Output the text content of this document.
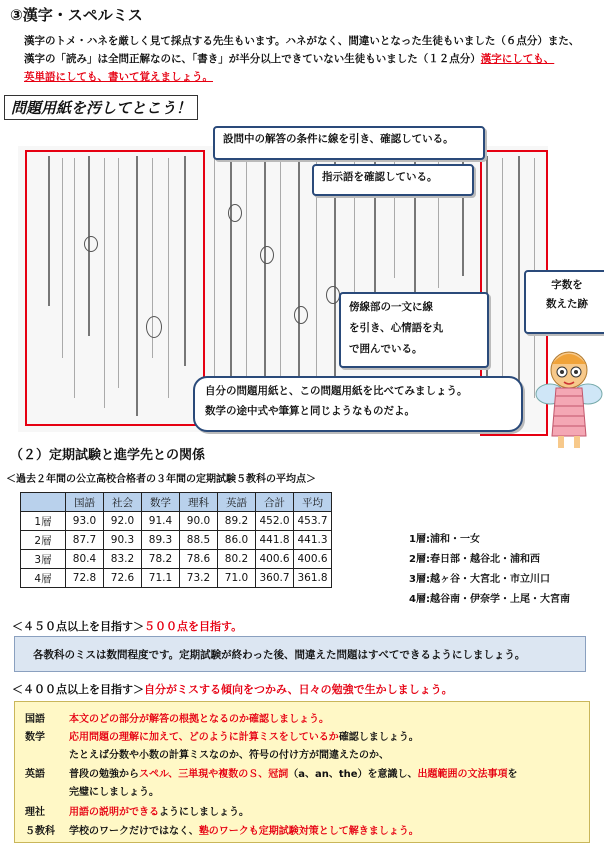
③漢字・スペルミス
漢字のトメ・ハネを厳しく見て採点する先生もいます。ハネがなく、間違いとなった生徒もいました（６点分）また、
漢字の「読み」は全問正解なのに、「書き」が半分以上できていない生徒もいました（１２点分）漢字にしても、
英単語にしても、書いて覚えましょう。
問題用紙を汚してとこう！
設問中の解答の条件に線を引き、確認している。
指示語を確認している。
傍線部の一文に線
を引き、心情語を丸
で囲んでいる。
字数を
数えた跡
自分の問題用紙と、この問題用紙を比べてみましょう。
数学の途中式や筆算と同じようなものだよ。
（２）定期試験と進学先との関係
＜過去２年間の公立高校合格者の３年間の定期試験５教科の平均点＞
	国語	社会	数学	理科	英語	合計	平均
1層	93.0	92.0	91.4	90.0	89.2	452.0	453.7
2層	87.7	90.3	89.3	88.5	86.0	441.8	441.3
3層	80.4	83.2	78.2	78.6	80.2	400.6	400.6
4層	72.8	72.6	71.1	73.2	71.0	360.7	361.8
1層:浦和・一女
2層:春日部・越谷北・浦和西
3層:越ヶ谷・大宮北・市立川口
4層:越谷南・伊奈学・上尾・大宮南
＜４５０点以上を目指す＞５００点を目指す。
各教科のミスは数問程度です。定期試験が終わった後、間違えた問題はすべてできるようにしましょう。
＜４００点以上を目指す＞自分がミスする傾向をつかみ、日々の勉強で生かしましょう。
国語 本文のどの部分が解答の根拠となるのか確認しましょう。
数学 応用問題の理解に加えて、どのように計算ミスをしているか確認しましょう。
たとえば分数や小数の計算ミスなのか、符号の付け方が間違えたのか、
英語 普段の勉強からスペル、三単現や複数のＳ、冠詞（a、an、the）を意識し、出題範囲の文法事項を
完璧にしましょう。
理社 用語の説明ができるようにしましょう。
５教科 学校のワークだけではなく、塾のワークも定期試験対策として解きましょう。
